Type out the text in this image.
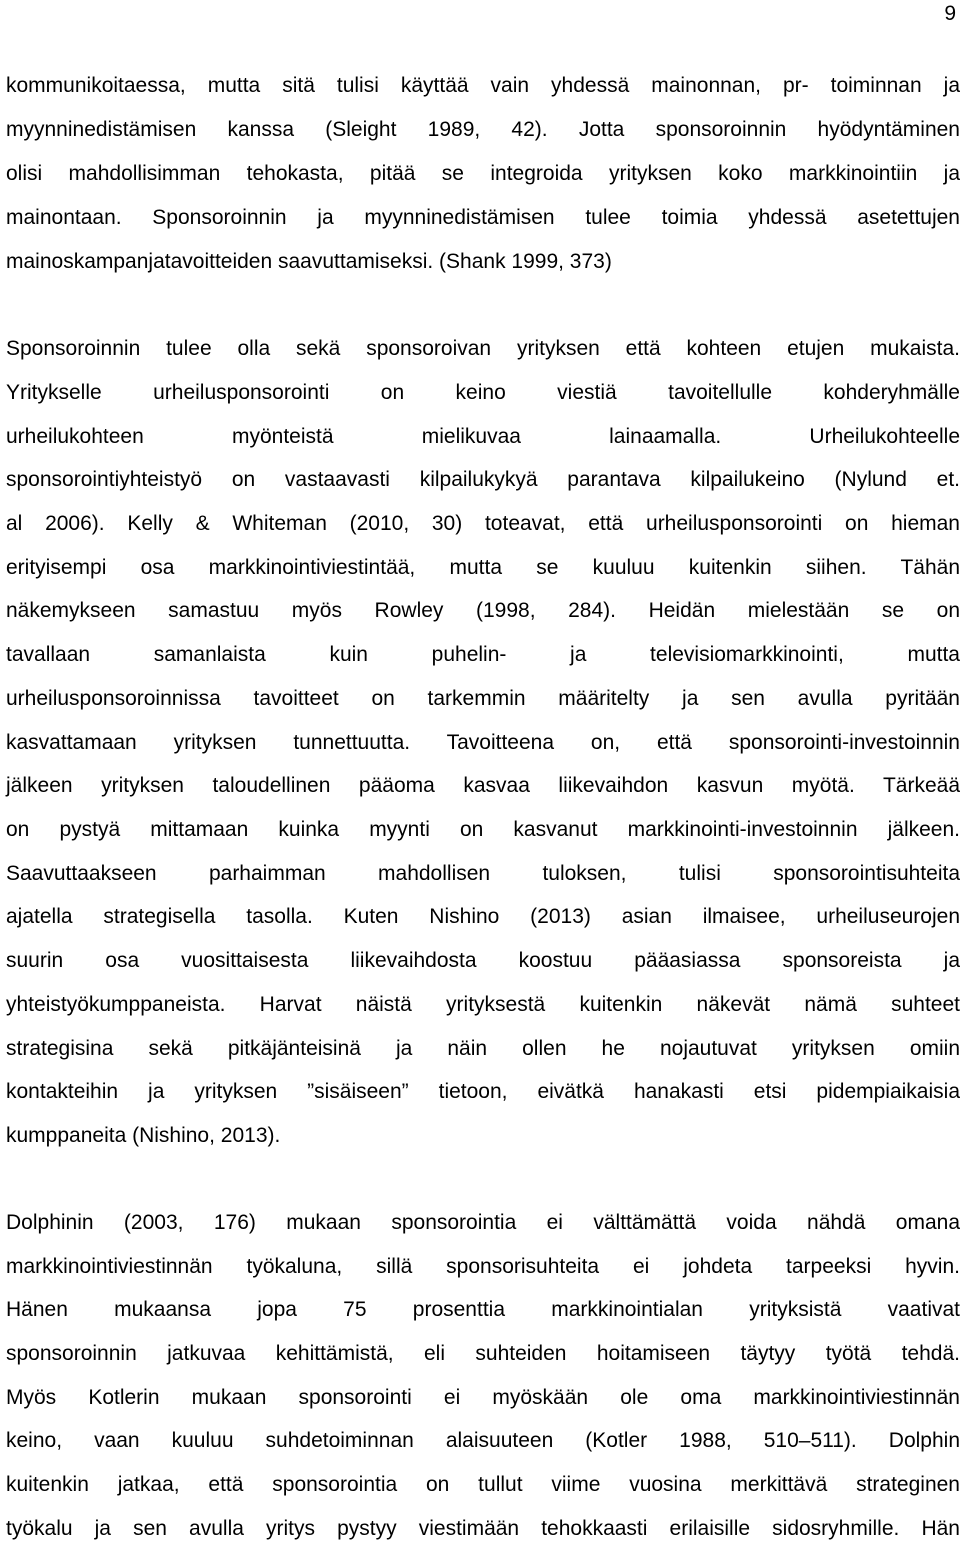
9
kommunikoitaessa, mutta sitä tulisi käyttää vain yhdessä mainonnan, pr- toiminnan ja
myynninedistämisen kanssa (Sleight 1989, 42). Jotta sponsoroinnin hyödyntäminen
olisi mahdollisimman tehokasta, pitää se integroida yrityksen koko markkinointiin ja
mainontaan. Sponsoroinnin ja myynninedistämisen tulee toimia yhdessä asetettujen
mainoskampanjatavoitteiden saavuttamiseksi. (Shank 1999, 373)
Sponsoroinnin tulee olla sekä sponsoroivan yrityksen että kohteen etujen mukaista.
Yritykselle urheilusponsorointi on keino viestiä tavoitellulle kohderyhmälle
urheilukohteen myönteistä mielikuvaa lainaamalla. Urheilukohteelle
sponsorointiyhteistyö on vastaavasti kilpailukykyä parantava kilpailukeino (Nylund et.
al 2006). Kelly & Whiteman (2010, 30) toteavat, että urheilusponsorointi on hieman
erityisempi osa markkinointiviestintää, mutta se kuuluu kuitenkin siihen. Tähän
näkemykseen samastuu myös Rowley (1998, 284). Heidän mielestään se on
tavallaan samanlaista kuin puhelin- ja televisiomarkkinointi, mutta
urheilusponsoroinnissa tavoitteet on tarkemmin määritelty ja sen avulla pyritään
kasvattamaan yrityksen tunnettuutta. Tavoitteena on, että sponsorointi-investoinnin
jälkeen yrityksen taloudellinen pääoma kasvaa liikevaihdon kasvun myötä. Tärkeää
on pystyä mittamaan kuinka myynti on kasvanut markkinointi-investoinnin jälkeen.
Saavuttaakseen parhaimman mahdollisen tuloksen, tulisi sponsorointisuhteita
ajatella strategisella tasolla. Kuten Nishino (2013) asian ilmaisee, urheiluseurojen
suurin osa vuosittaisesta liikevaihdosta koostuu pääasiassa sponsoreista ja
yhteistyökumppaneista. Harvat näistä yrityksestä kuitenkin näkevät nämä suhteet
strategisina sekä pitkäjänteisinä ja näin ollen he nojautuvat yrityksen omiin
kontakteihin ja yrityksen ”sisäiseen” tietoon, eivätkä hanakasti etsi pidempiaikaisia
kumppaneita (Nishino, 2013).
Dolphinin (2003, 176) mukaan sponsorointia ei välttämättä voida nähdä omana
markkinointiviestinnän työkaluna, sillä sponsorisuhteita ei johdeta tarpeeksi hyvin.
Hänen mukaansa jopa 75 prosenttia markkinointialan yrityksistä vaativat
sponsoroinnin jatkuvaa kehittämistä, eli suhteiden hoitamiseen täytyy työtä tehdä.
Myös Kotlerin mukaan sponsorointi ei myöskään ole oma markkinointiviestinnän
keino, vaan kuuluu suhdetoiminnan alaisuuteen (Kotler 1988, 510–511). Dolphin
kuitenkin jatkaa, että sponsorointia on tullut viime vuosina merkittävä strateginen
työkalu ja sen avulla yritys pystyy viestimään tehokkaasti erilaisille sidosryhmille. Hän
